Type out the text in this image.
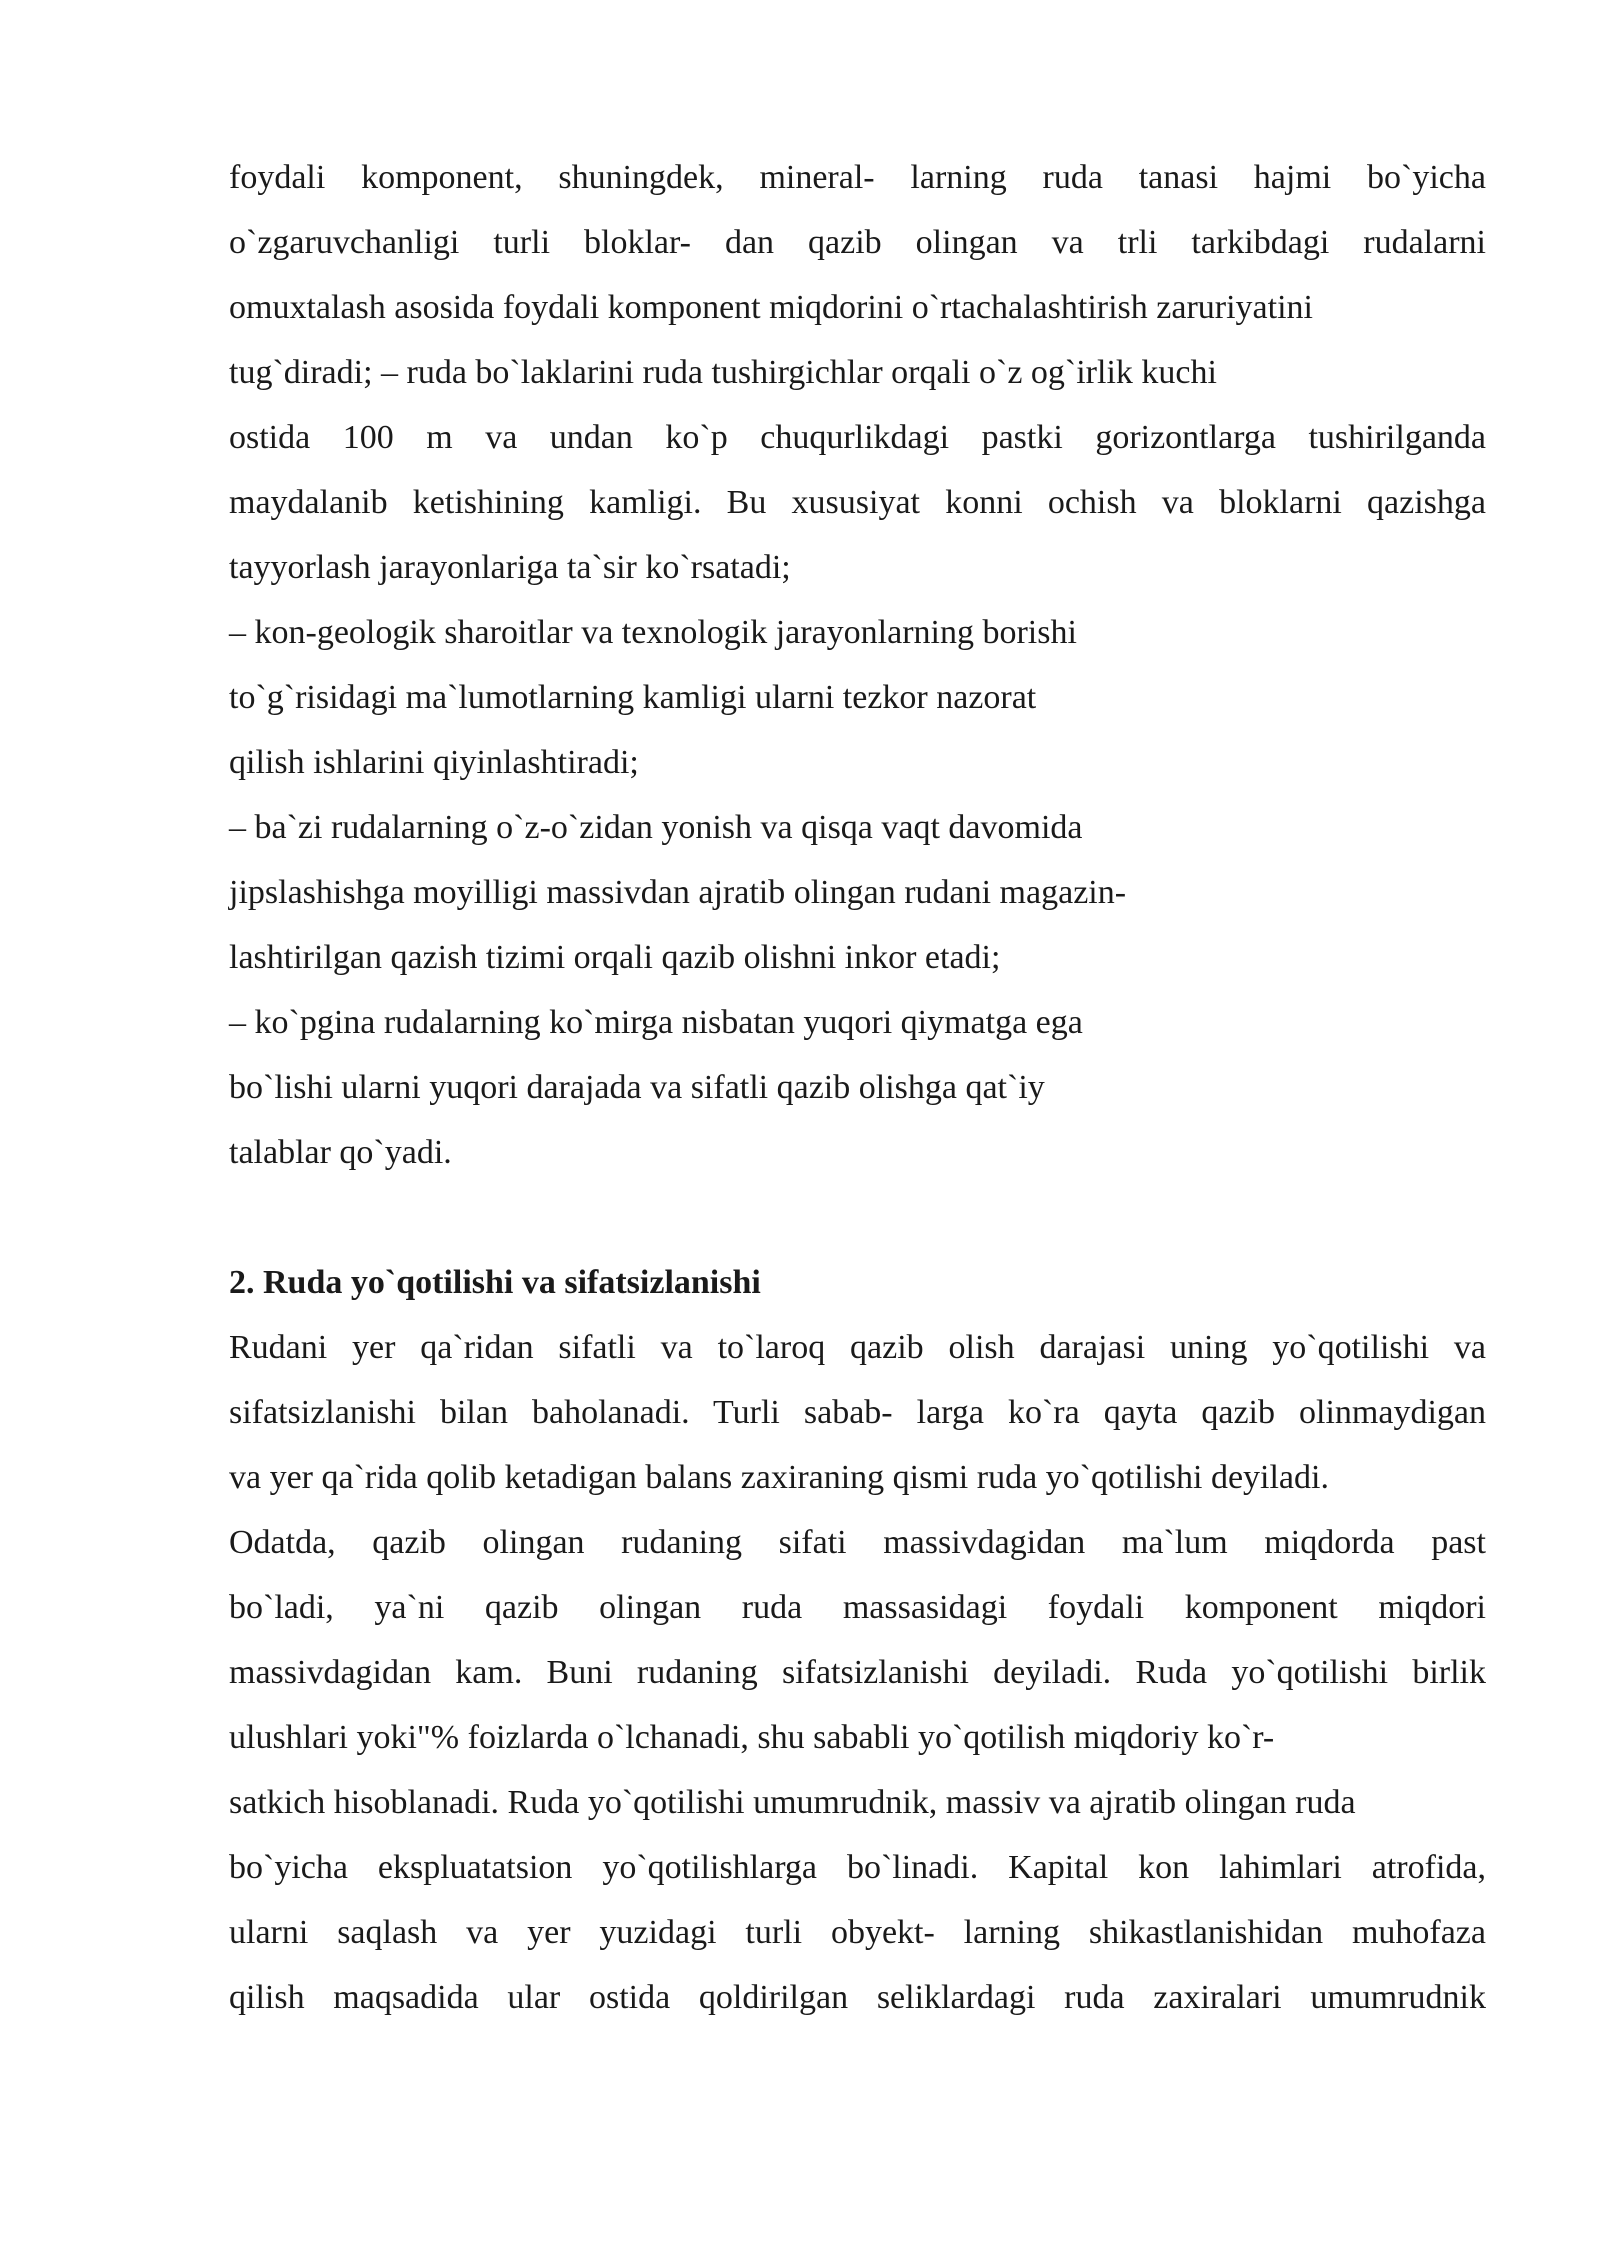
foydali komponent, shuningdek, mineral- larning ruda tanasi hajmi bo`yicha
o`zgaruvchanligi turli bloklar- dan qazib olingan va trli tarkibdagi rudalarni
omuxtalash asosida foydali komponent miqdorini o`rtachalashtirish zaruriyatini
tug`diradi; – ruda bo`laklarini ruda tushirgichlar orqali o`z og`irlik kuchi
ostida 100 m va undan ko`p chuqurlikdagi pastki gorizontlarga tushirilganda
maydalanib ketishining kamligi. Bu xususiyat konni ochish va bloklarni qazishga
tayyorlash jarayonlariga ta`sir ko`rsatadi;
– kon-geologik sharoitlar va texnologik jarayonlarning borishi
to`g`risidagi ma`lumotlarning kamligi ularni tezkor nazorat
qilish ishlarini qiyinlashtiradi;
– ba`zi rudalarning o`z-o`zidan yonish va qisqa vaqt davomida
jipslashishga moyilligi massivdan ajratib olingan rudani magazin-
lashtirilgan qazish tizimi orqali qazib olishni inkor etadi;
– ko`pgina rudalarning ko`mirga nisbatan yuqori qiymatga ega
bo`lishi ularni yuqori darajada va sifatli qazib olishga qat`iy
talablar qo`yadi.
2. Ruda yo`qotilishi va sifatsizlanishi
Rudani yer qa`ridan sifatli va to`laroq qazib olish darajasi uning yo`qotilishi va
sifatsizlanishi bilan baholanadi. Turli sabab- larga ko`ra qayta qazib olinmaydigan
va yer qa`rida qolib ketadigan balans zaxiraning qismi ruda yo`qotilishi deyiladi.
Odatda, qazib olingan rudaning sifati massivdagidan ma`lum miqdorda past
bo`ladi, ya`ni qazib olingan ruda massasidagi foydali komponent miqdori
massivdagidan kam. Buni rudaning sifatsizlanishi deyiladi. Ruda yo`qotilishi birlik
ulushlari yoki"% foizlarda o`lchanadi, shu sababli yo`qotilish miqdoriy ko`r-
satkich hisoblanadi. Ruda yo`qotilishi umumrudnik, massiv va ajratib olingan ruda
bo`yicha ekspluatatsion yo`qotilishlarga bo`linadi. Kapital kon lahimlari atrofida,
ularni saqlash va yer yuzidagi turli obyekt- larning shikastlanishidan muhofaza
qilish maqsadida ular ostida qoldirilgan seliklardagi ruda zaxiralari umumrudnik
